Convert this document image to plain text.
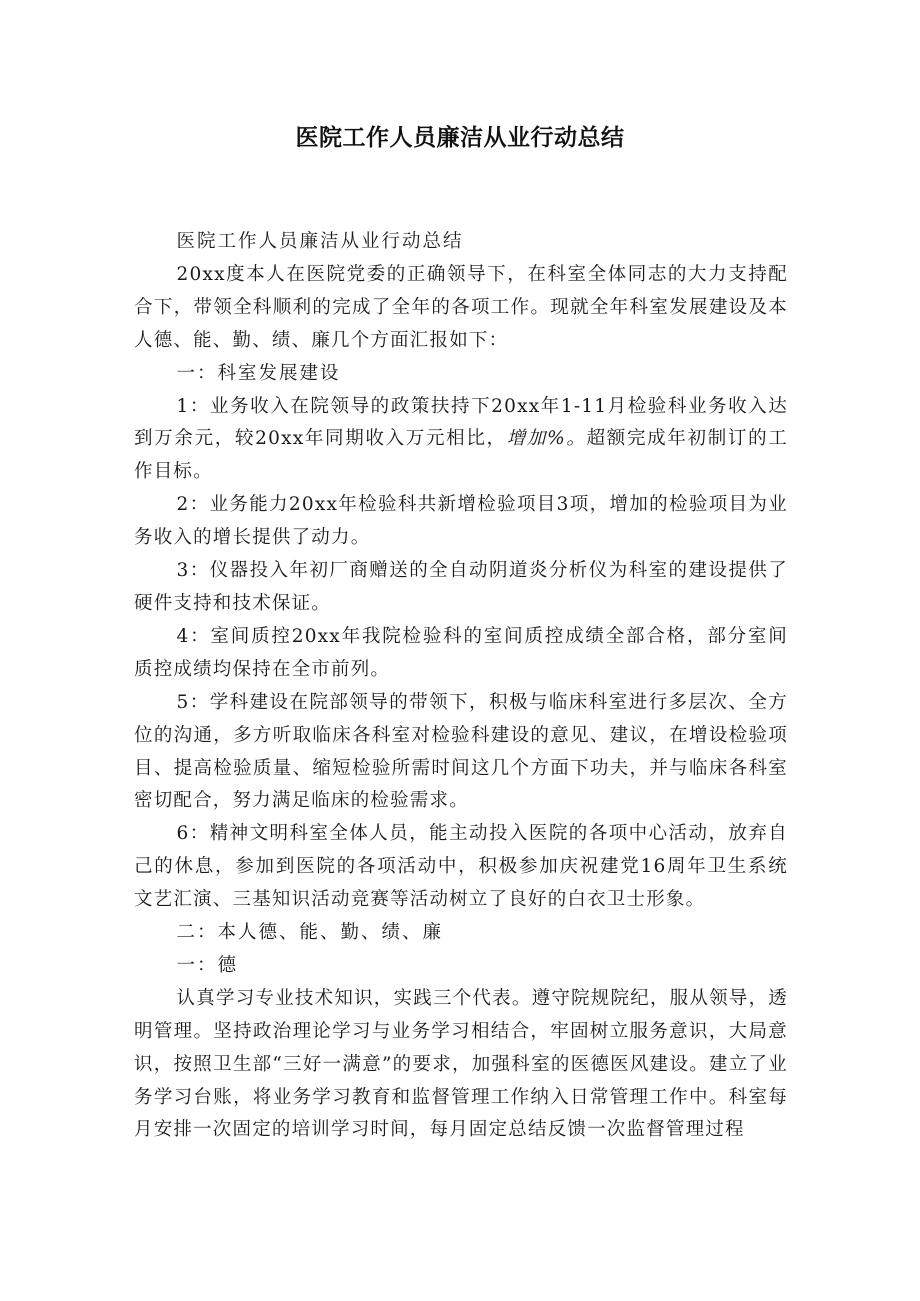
医院工作人员廉洁从业行动总结

医院工作人员廉洁从业行动总结

20xx度本人在医院党委的正确领导下，在科室全体同志的大力支持配合下，带领全科顺利的完成了全年的各项工作。现就全年科室发展建设及本人德、能、勤、绩、廉几个方面汇报如下：

一：科室发展建设

1：业务收入在院领导的政策扶持下20xx年1-11月检验科业务收入达到万余元，较20xx年同期收入万元相比，增加%。超额完成年初制订的工作目标。

2：业务能力20xx年检验科共新增检验项目3项，增加的检验项目为业务收入的增长提供了动力。

3：仪器投入年初厂商赠送的全自动阴道炎分析仪为科室的建设提供了硬件支持和技术保证。

4：室间质控20xx年我院检验科的室间质控成绩全部合格，部分室间质控成绩均保持在全市前列。

5：学科建设在院部领导的带领下，积极与临床科室进行多层次、全方位的沟通，多方听取临床各科室对检验科建设的意见、建议，在增设检验项目、提高检验质量、缩短检验所需时间这几个方面下功夫，并与临床各科室密切配合，努力满足临床的检验需求。

6：精神文明科室全体人员，能主动投入医院的各项中心活动，放弃自己的休息，参加到医院的各项活动中，积极参加庆祝建党16周年卫生系统文艺汇演、三基知识活动竞赛等活动树立了良好的白衣卫士形象。

二：本人德、能、勤、绩、廉

一：德

认真学习专业技术知识，实践三个代表。遵守院规院纪，服从领导，透明管理。坚持政治理论学习与业务学习相结合，牢固树立服务意识，大局意识，按照卫生部“三好一满意”的要求，加强科室的医德医风建设。建立了业务学习台账，将业务学习教育和监督管理工作纳入日常管理工作中。科室每月安排一次固定的培训学习时间，每月固定总结反馈一次监督管理过程
